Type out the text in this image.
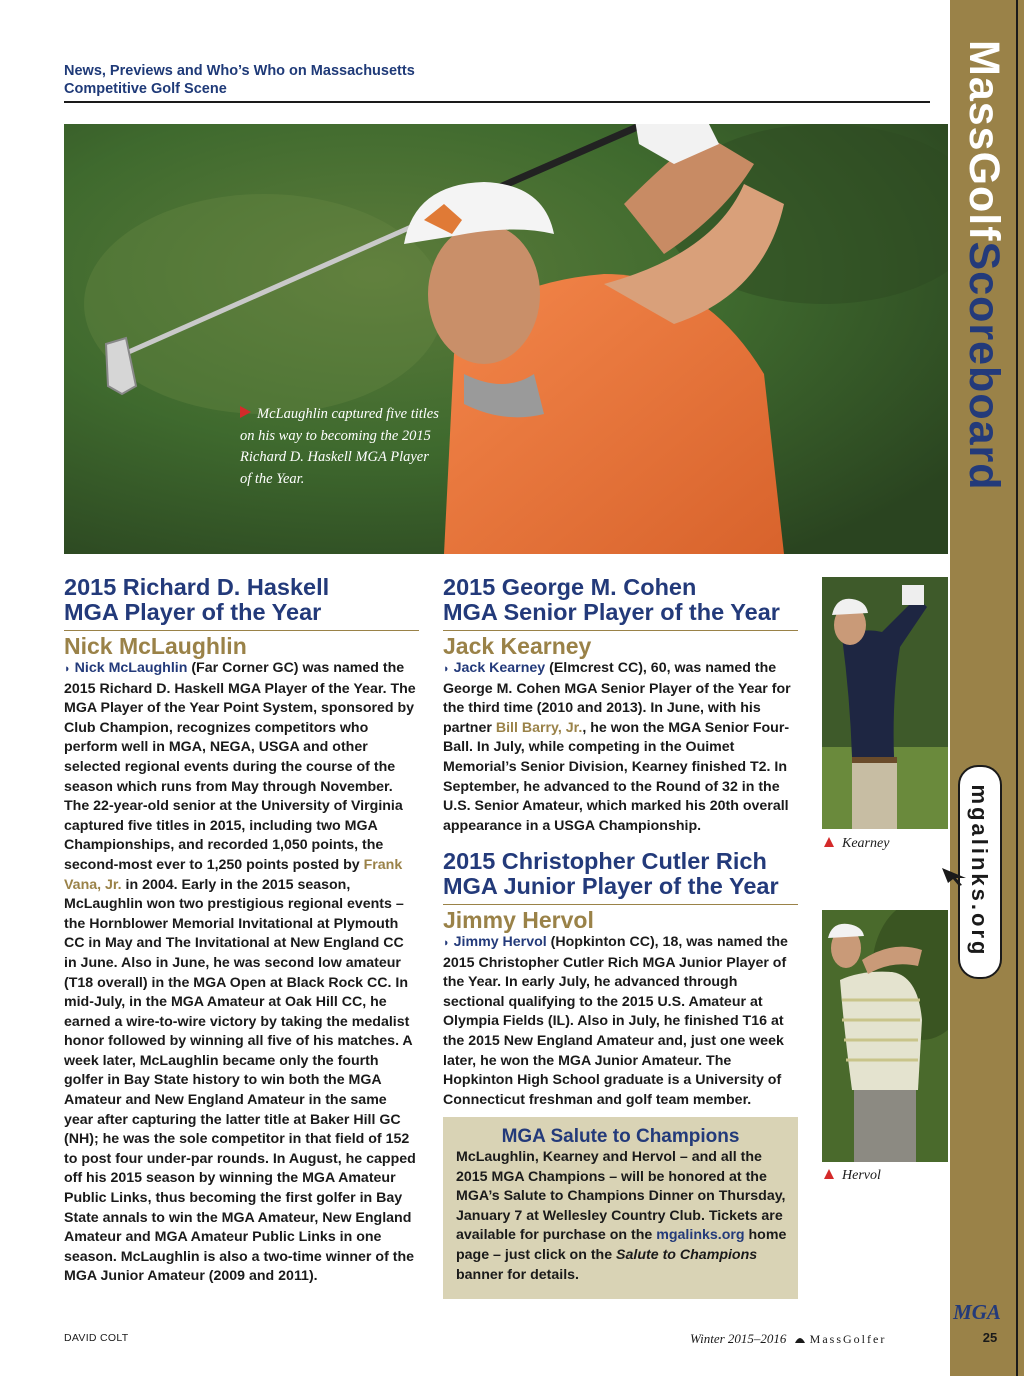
News, Previews and Who’s Who on Massachusetts
Competitive Golf Scene	MassGolfScoreboard
mgalinks.org
MGA
25
McLaughlin captured five titles on his way to becoming the 2015 Richard D. Haskell MGA Player of the Year.
2015 Richard D. Haskell
MGA Player of the Year
Nick McLaughlin
◗ Nick McLaughlin (Far Corner GC) was named the 2015 Richard D. Haskell MGA Player of the Year. The MGA Player of the Year Point System, sponsored by Club Champion, recognizes competitors who perform well in MGA, NEGA, USGA and other selected regional events during the course of the season which runs from May through November. The 22-year-old senior at the University of Virginia captured five titles in 2015, including two MGA Championships, and recorded 1,050 points, the second-most ever to 1,250 points posted by Frank Vana, Jr. in 2004. Early in the 2015 season, McLaughlin won two prestigious regional events – the Hornblower Memorial Invitational at Plymouth CC in May and The Invitational at New England CC in June. Also in June, he was second low amateur (T18 overall) in the MGA Open at Black Rock CC. In mid-July, in the MGA Amateur at Oak Hill CC, he earned a wire-to-wire victory by taking the medalist honor followed by winning all five of his matches. A week later, McLaughlin became only the fourth golfer in Bay State history to win both the MGA Amateur and New England Amateur in the same year after capturing the latter title at Baker Hill GC (NH); he was the sole competitor in that field of 152 to post four under-par rounds. In August, he capped off his 2015 season by winning the MGA Amateur Public Links, thus becoming the first golfer in Bay State annals to win the MGA Amateur, New England Amateur and MGA Amateur Public Links in one season. McLaughlin is also a two-time winner of the MGA Junior Amateur (2009 and 2011).
2015 George M. Cohen
MGA Senior Player of the Year
Jack Kearney
◗ Jack Kearney (Elmcrest CC), 60, was named the George M. Cohen MGA Senior Player of the Year for the third time (2010 and 2013). In June, with his partner Bill Barry, Jr., he won the MGA Senior Four-Ball. In July, while competing in the Ouimet Memorial’s Senior Division, Kearney finished T2. In September, he advanced to the Round of 32 in the U.S. Senior Amateur, which marked his 20th overall appearance in a USGA Championship.
2015 Christopher Cutler Rich
MGA Junior Player of the Year
Jimmy Hervol
◗ Jimmy Hervol (Hopkinton CC), 18, was named the 2015 Christopher Cutler Rich MGA Junior Player of the Year. In early July, he advanced through sectional qualifying to the 2015 U.S. Amateur at Olympia Fields (IL). Also in July, he finished T16 at the 2015 New England Amateur and, just one week later, he won the MGA Junior Amateur. The Hopkinton High School graduate is a University of Connecticut freshman and golf team member.
MGA Salute to Champions
McLaughlin, Kearney and Hervol – and all the 2015 MGA Champions – will be honored at the MGA’s Salute to Champions Dinner on Thursday, January 7 at Wellesley Country Club. Tickets are available for purchase on the mgalinks.org home page – just click on the Salute to Champions banner for details.
Kearney
Hervol
DAVID COLT	Winter 2015–2016 MassGolfer
